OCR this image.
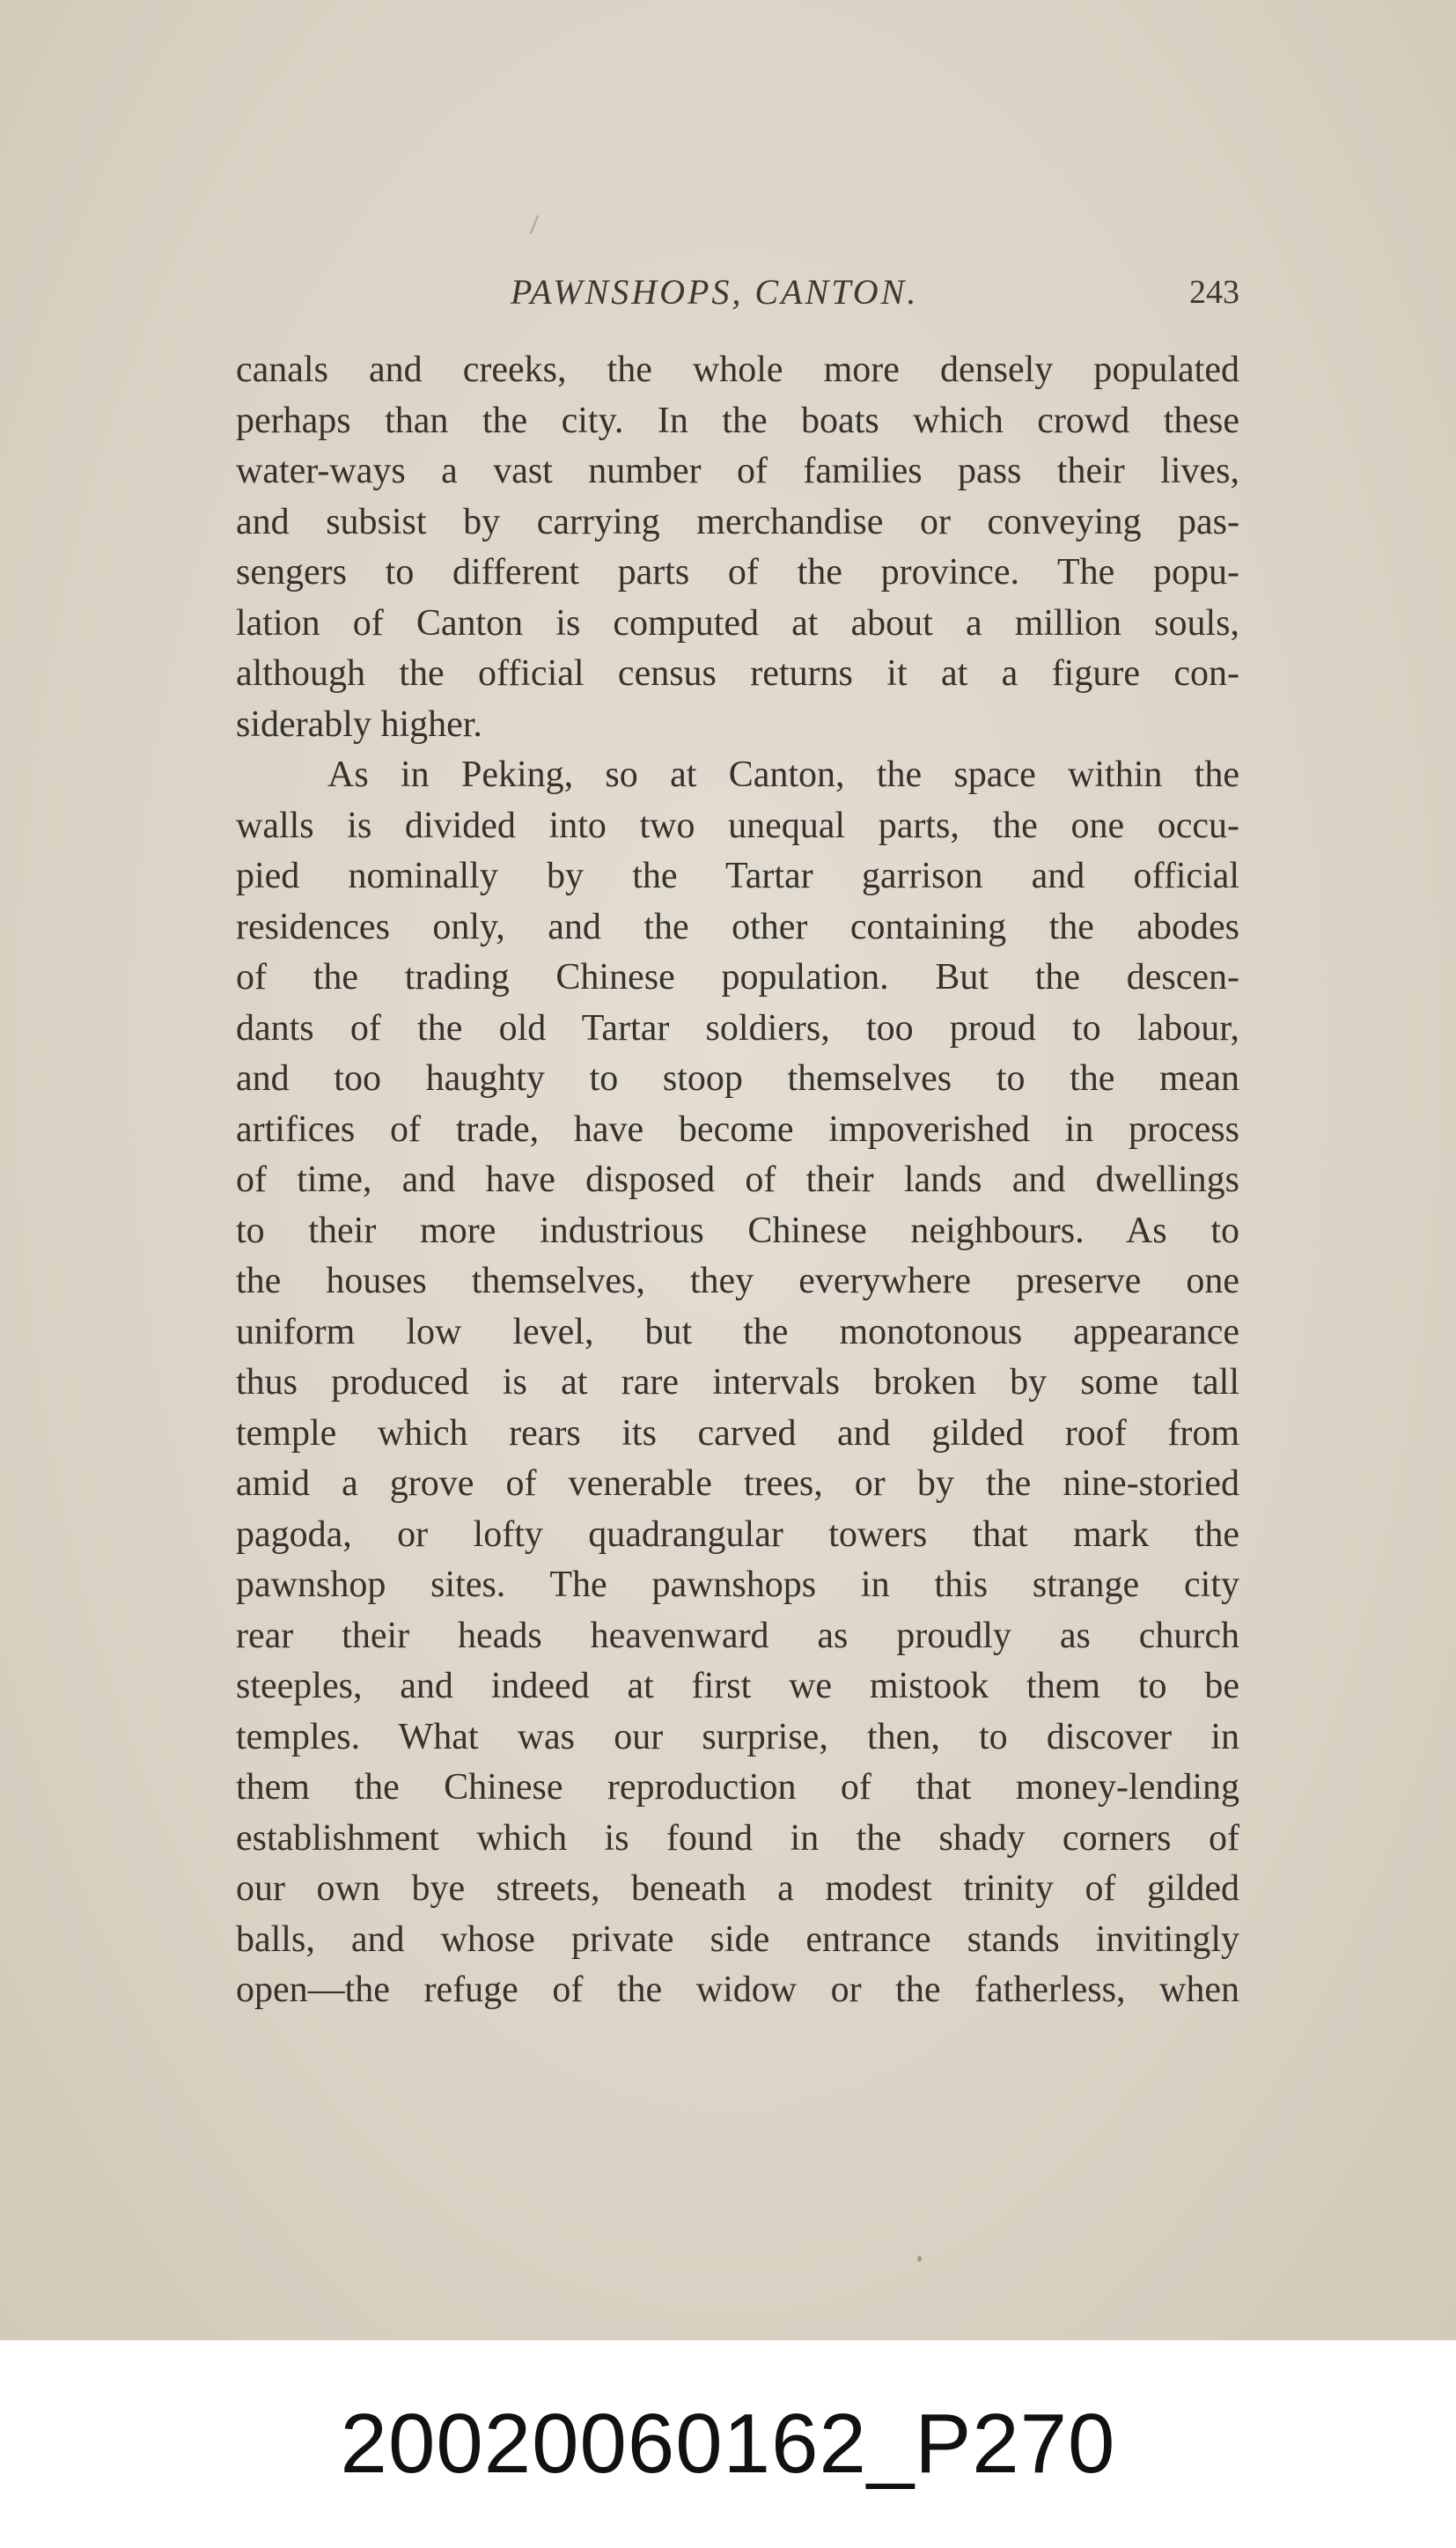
PAWNSHOPS, CANTON.	243
canals and creeks, the whole more densely populated
perhaps than the city. In the boats which crowd these
water-ways a vast number of families pass their lives,
and subsist by carrying merchandise or conveying pas-
sengers to different parts of the province. The popu-
lation of Canton is computed at about a million souls,
although the official census returns it at a figure con-
siderably higher.
As in Peking, so at Canton, the space within the
walls is divided into two unequal parts, the one occu-
pied nominally by the Tartar garrison and official
residences only, and the other containing the abodes
of the trading Chinese population. But the descen-
dants of the old Tartar soldiers, too proud to labour,
and too haughty to stoop themselves to the mean
artifices of trade, have become impoverished in process
of time, and have disposed of their lands and dwellings
to their more industrious Chinese neighbours. As to
the houses themselves, they everywhere preserve one
uniform low level, but the monotonous appearance
thus produced is at rare intervals broken by some tall
temple which rears its carved and gilded roof from
amid a grove of venerable trees, or by the nine-storied
pagoda, or lofty quadrangular towers that mark the
pawnshop sites. The pawnshops in this strange city
rear their heads heavenward as proudly as church
steeples, and indeed at first we mistook them to be
temples. What was our surprise, then, to discover in
them the Chinese reproduction of that money-lending
establishment which is found in the shady corners of
our own bye streets, beneath a modest trinity of gilded
balls, and whose private side entrance stands invitingly
open—the refuge of the widow or the fatherless, when
20020060162_P270
